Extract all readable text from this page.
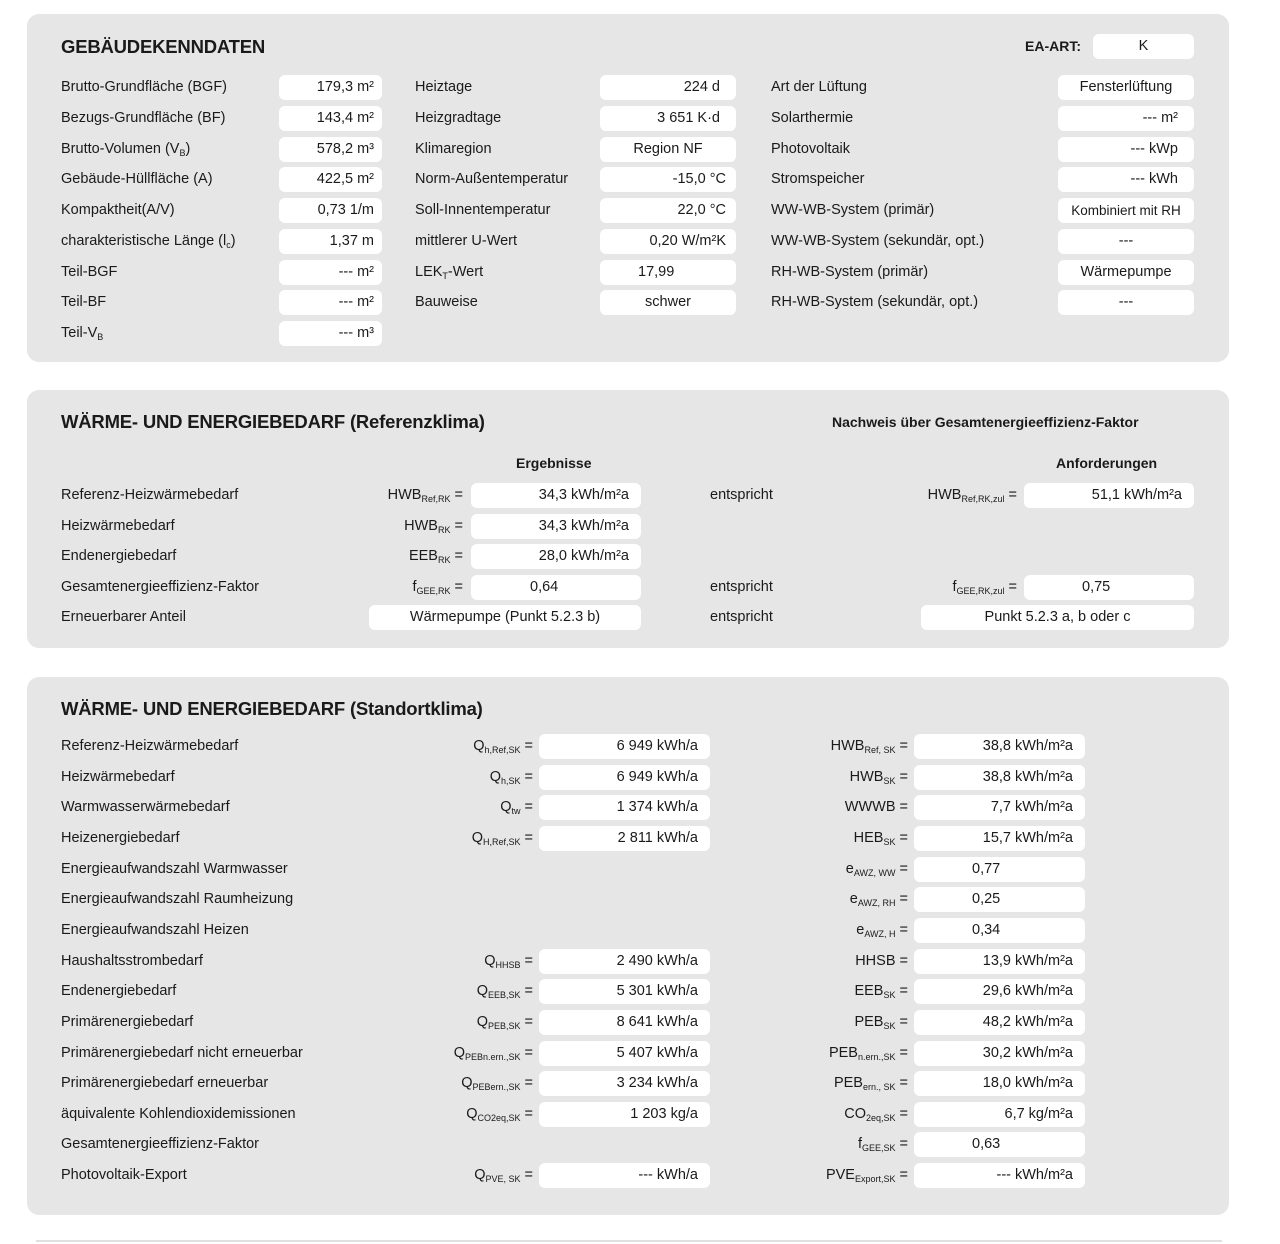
GEBÄUDEKENNDATEN	EA-ART:	K
Brutto-Grundfläche (BGF)	179,3 m²
Bezugs-Grundfläche (BF)	143,4 m²
Brutto-Volumen $(V_B)$	578,2 m³
Gebäude-Hüllfläche (A)	422,5 m²
Kompaktheit(A/V)	0,73 1/m
charakteristische Länge $(l_c)$	1,37 m
Teil-BGF	--- m²
Teil-BF	--- m²
Teil-$V_B$	--- m³
Heiztage	224 d
Heizgradtage	3 651 K·d
Klimaregion	Region NF
Norm-Außentemperatur	-15,0 °C
Soll-Innentemperatur	22,0 °C
mittlerer U-Wert	0,20 W/m²K
$LEK_T$-Wert	17,99
Bauweise	schwer
Art der Lüftung	Fensterlüftung
Solarthermie	--- m²
Photovoltaik	--- kWp
Stromspeicher	--- kWh
WW-WB-System (primär)	Kombiniert mit RH
WW-WB-System (sekundär, opt.)	---
RH-WB-System (primär)	Wärmepumpe
RH-WB-System (sekundär, opt.)	---
WÄRME- UND ENERGIEBEDARF (Referenzklima)	Nachweis über Gesamtenergieeffizienz-Faktor
Ergebnisse	Anforderungen
Referenz-Heizwärmebedarf	$HWB_{Ref,RK}$ =	34,3 kWh/m²a	entspricht	$HWB_{Ref,RK,zul}$ =	51,1 kWh/m²a
Heizwärmebedarf	$HWB_{RK}$ =	34,3 kWh/m²a
Endenergiebedarf	$EEB_{RK}$ =	28,0 kWh/m²a
Gesamtenergieeffizienz-Faktor	$f_{GEE,RK}$ =	0,64	entspricht	$f_{GEE,RK,zul}$ =	0,75
Erneuerbarer Anteil	Wärmepumpe (Punkt 5.2.3 b)	entspricht	Punkt 5.2.3 a, b oder c
WÄRME- UND ENERGIEBEDARF (Standortklima)
Referenz-Heizwärmebedarf	$Q_{h,Ref,SK}$ =	6 949 kWh/a	$HWB_{Ref, SK}$ =	38,8 kWh/m²a
Heizwärmebedarf	$Q_{h,SK}$ =	6 949 kWh/a	$HWB_{SK}$ =	38,8 kWh/m²a
Warmwasserwärmebedarf	$Q_{tw}$ =	1 374 kWh/a	WWWB =	7,7 kWh/m²a
Heizenergiebedarf	$Q_{H,Ref,SK}$ =	2 811 kWh/a	$HEB_{SK}$ =	15,7 kWh/m²a
Energieaufwandszahl Warmwasser	$e_{AWZ, WW}$ =	0,77
Energieaufwandszahl Raumheizung	$e_{AWZ, RH}$ =	0,25
Energieaufwandszahl Heizen	$e_{AWZ, H}$ =	0,34
Haushaltsstrombedarf	$Q_{HHSB}$ =	2 490 kWh/a	HHSB =	13,9 kWh/m²a
Endenergiebedarf	$Q_{EEB,SK}$ =	5 301 kWh/a	$EEB_{SK}$ =	29,6 kWh/m²a
Primärenergiebedarf	$Q_{PEB,SK}$ =	8 641 kWh/a	$PEB_{SK}$ =	48,2 kWh/m²a
Primärenergiebedarf nicht erneuerbar	$Q_{PEBn.ern.,SK}$ =	5 407 kWh/a	$PEB_{n.ern.,SK}$ =	30,2 kWh/m²a
Primärenergiebedarf erneuerbar	$Q_{PEBern.,SK}$ =	3 234 kWh/a	$PEB_{ern., SK}$ =	18,0 kWh/m²a
äquivalente Kohlendioxidemissionen	$Q_{CO2eq,SK}$ =	1 203 kg/a	$CO_{2eq,SK}$ =	6,7 kg/m²a
Gesamtenergieeffizienz-Faktor	$f_{GEE,SK}$ =	0,63
Photovoltaik-Export	$Q_{PVE, SK}$ =	--- kWh/a	$PVE_{Export,SK}$ =	--- kWh/m²a
